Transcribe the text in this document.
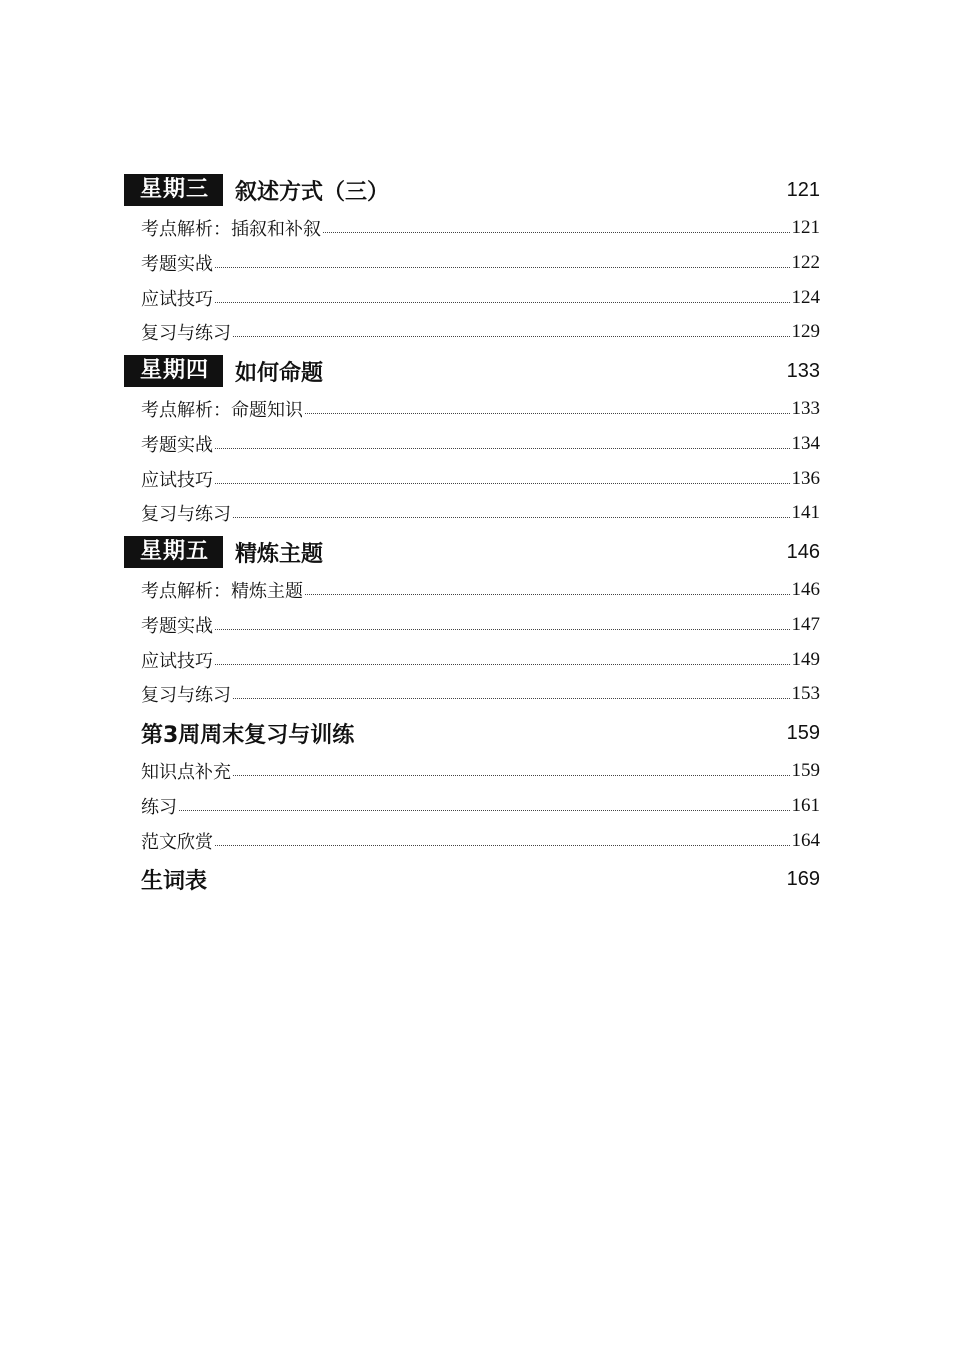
星期三	叙述方式（三）	121
考点解析：插叙和补叙	121
考题实战	122
应试技巧	124
复习与练习	129
星期四	如何命题	133
考点解析：命题知识	133
考题实战	134
应试技巧	136
复习与练习	141
星期五	精炼主题	146
考点解析：精炼主题	146
考题实战	147
应试技巧	149
复习与练习	153
第3周周末复习与训练	159
知识点补充	159
练习	161
范文欣赏	164
生词表	169
